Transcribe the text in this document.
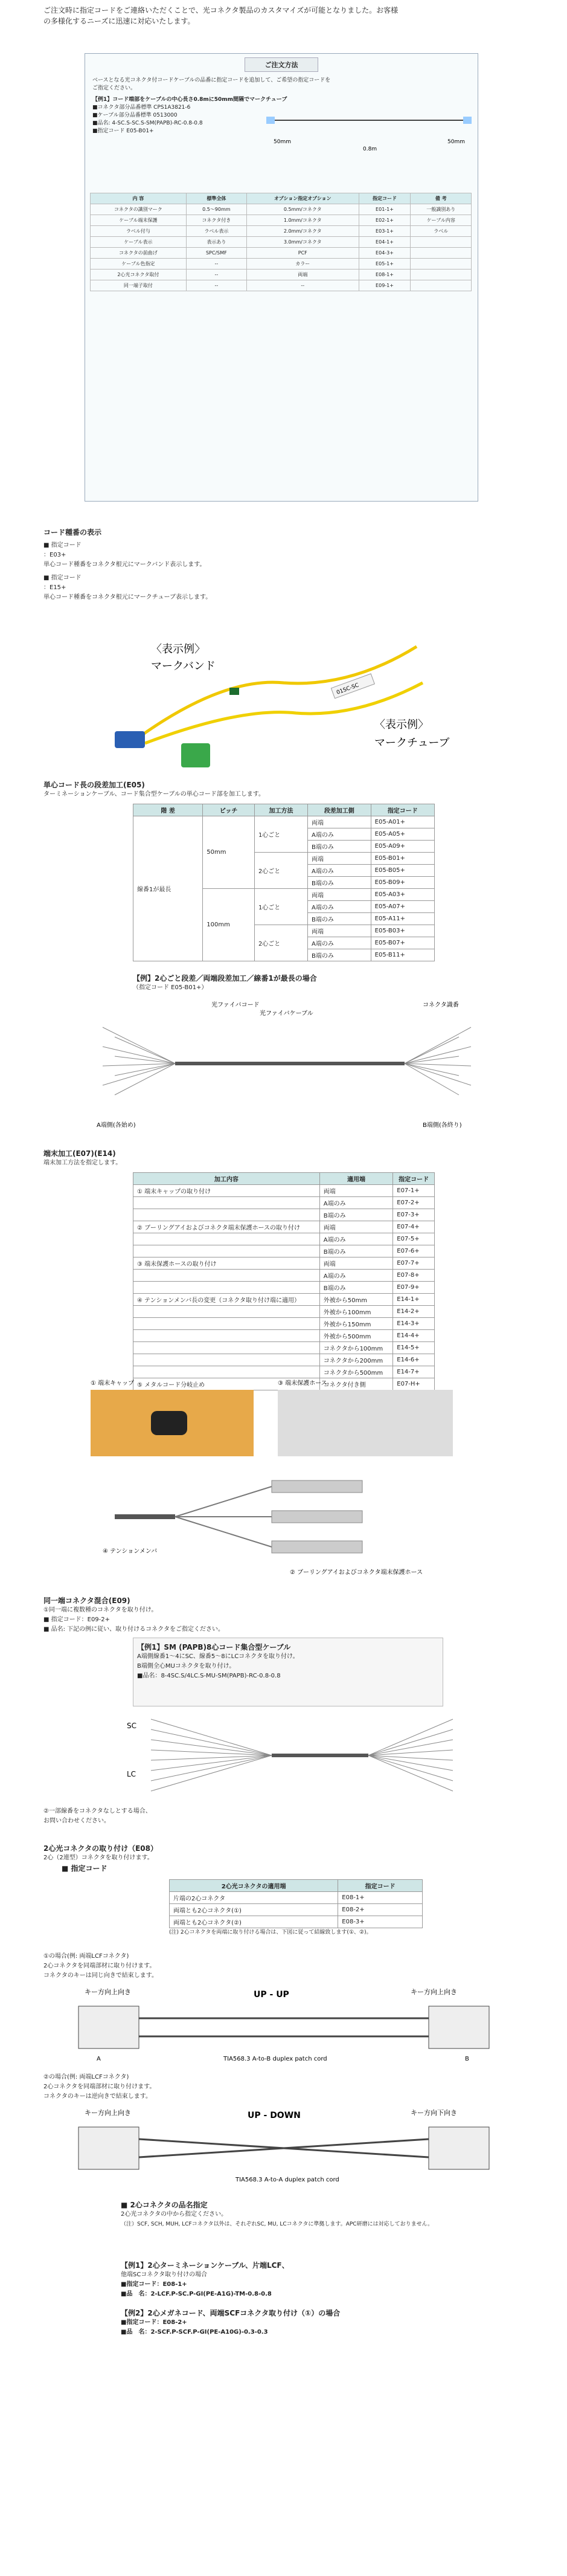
ご注文時に指定コードをご連絡いただくことで、光コネクタ製品のカスタマイズが可能となりました。お客様

の多様化するニーズに迅速に対応いたします。

ご注文方法

ベースとなる光コネクタ付コードケーブルの品番に指定コードを追加して、ご希望の指定コードを

ご指定ください。

【例1】コード端部をケーブルの中心長さ0.8mに50mm間隔でマークチューブ

■コネクタ部分品番標準 CPS1A3821-6

■ケーブル部分品番標準 0513000

■品名: 4-SC.S-SC.S-SM(PAPB)-RC-0.8-0.8

■指定コード E05-B01+

50mm	50mm
0.8m
内 容	標準全体	オプション指定オプション	指定コード	備 考
コネクタの識別マーク	0.5〜90mm	0.5mm/コネクタ	E01-1+	一般識別あり
ケーブル端末保護	コネクタ付き	1.0mm/コネクタ	E02-1+	ケーブル内容
ラベル付与	ラベル表示	2.0mm/コネクタ	E03-1+	ラベル
ケーブル表示	表示あり	3.0mm/コネクタ	E04-1+	
コネクタの前曲げ	SPC/SMF	PCF	E04-3+	
ケーブル色指定	--	カラー	E05-1+	
2心光コネクタ取付	--	両端	E08-1+	
同一端子取付	--	--	E09-1+	

コード種番の表示

■ 指定コード

：E03+

単心コード種番をコネクタ根元にマークバンド表示します。

■ 指定コード

：E15+

単心コード種番をコネクタ根元にマークチューブ表示します。

01SC-SC
〈表示例〉
マークバンド
〈表示例〉
マークチューブ

単心コード長の段差加工(E05)

ターミネーションケーブル、コード集合型ケーブルの単心コード部を加工します。

階 差	ピッチ	加工方法	段差加工側	指定コード
線番1が最長	50mm	1心ごと	両端	E05-A01+
			A端のみ	E05-A05+
			B端のみ	E05-A09+
		2心ごと	両端	E05-B01+
			A端のみ	E05-B05+
			B端のみ	E05-B09+
	100mm	1心ごと	両端	E05-A03+
			A端のみ	E05-A07+
			B端のみ	E05-A11+
		2心ごと	両端	E05-B03+
			A端のみ	E05-B07+
			B端のみ	E05-B11+

【例】2心ごと段差／両端段差加工／線番1が最長の場合

（指定コード E05-B01+）

光ファイバコード
光ファイバケーブル
コネクタ識番
A端側(各始め)	B端側(各終り)

端末加工(E07)(E14)

端末加工方法を指定します。

加工内容	適用端	指定コード
① 端末キャップの取り付け	両端	E07-1+
	A端のみ	E07-2+
	B端のみ	E07-3+
② ブーリングアイおよびコネクタ端末保護ホースの取り付け	両端	E07-4+
	A端のみ	E07-5+
	B端のみ	E07-6+
③ 端末保護ホースの取り付け	両端	E07-7+
	A端のみ	E07-8+
	B端のみ	E07-9+
④ テンションメンバ長の変更（コネクタ取り付け端に適用）	外被から50mm	E14-1+
	外被から100mm	E14-2+
	外被から150mm	E14-3+
	外被から500mm	E14-4+
	コネクタから100mm	E14-5+
	コネクタから200mm	E14-6+
	コネクタから500mm	E14-7+
⑤ メタルコード分岐止め	コネクタ付き側	E07-H+
① 端末キャップ	③ 端末保護ホース
④ テンションメンバ
② ブーリングアイおよびコネクタ端末保護ホース

同一端コネクタ混合(E09)

①同一端に複数種のコネクタを取り付け。

■ 指定コード：E09-2+

■ 品名: 下記の例に従い、取り付けるコネクタをご指定ください。

【例1】SM (PAPB)8心コード集合型ケーブル

A端側線番1〜4にSC、線番5〜8にLCコネクタを取り付け。

B端側全心MUコネクタを取り付け。

■品名：8-4SC.S/4LC.S-MU-SM(PAPB)-RC-0.8-0.8

SC
LC

②一部線番をコネクタなしとする場合、

お問い合わせください。

2心光コネクタの取り付け（E08）

2心（2連型）コネクタを取り付けます。

■ 指定コード

2心光コネクタの適用端	指定コード
片端の2心コネクタ	E08-1+
両端とも2心コネクタ(①)	E08-2+
両端とも2心コネクタ(②)	E08-3+

(注) 2心コネクタを両端に取り付ける場合は、下図に従って結線致します(①、②)。

①の場合(例: 両端LCFコネクタ)

2心コネクタを同端部材に取り付けます。

コネクタのキーは同じ向きで結束します。

キー方向上向き	キー方向上向き
UP - UP
A	B
TIA568.3 A-to-B duplex patch cord

②の場合(例: 両端LCFコネクタ)

2心コネクタを同端部材に取り付けます。

コネクタのキーは逆向きで結束します。

キー方向上向き	キー方向下向き
UP - DOWN
TIA568.3 A-to-A duplex patch cord

■ 2心コネクタの品名指定

2心光コネクタの中から指定ください。

（注）SCF, SCH, MUH, LCFコネクタ以外は、それぞれSC, MU, LCコネクタに準拠します。APC研磨には対応しておりません。

【例1】2心ターミネーションケーブル、片端LCF、

他端SCコネクタ取り付けの場合

■指定コード：E08-1+

■品　名：2-LCF.P-SC.P-GI(PE-A1G)-TM-0.8-0.8

【例2】2心メガネコード、両端SCFコネクタ取り付け（①）の場合

■指定コード：E08-2+

■品　名：2-SCF.P-SCF.P-GI(PE-A10G)-0.3-0.3
